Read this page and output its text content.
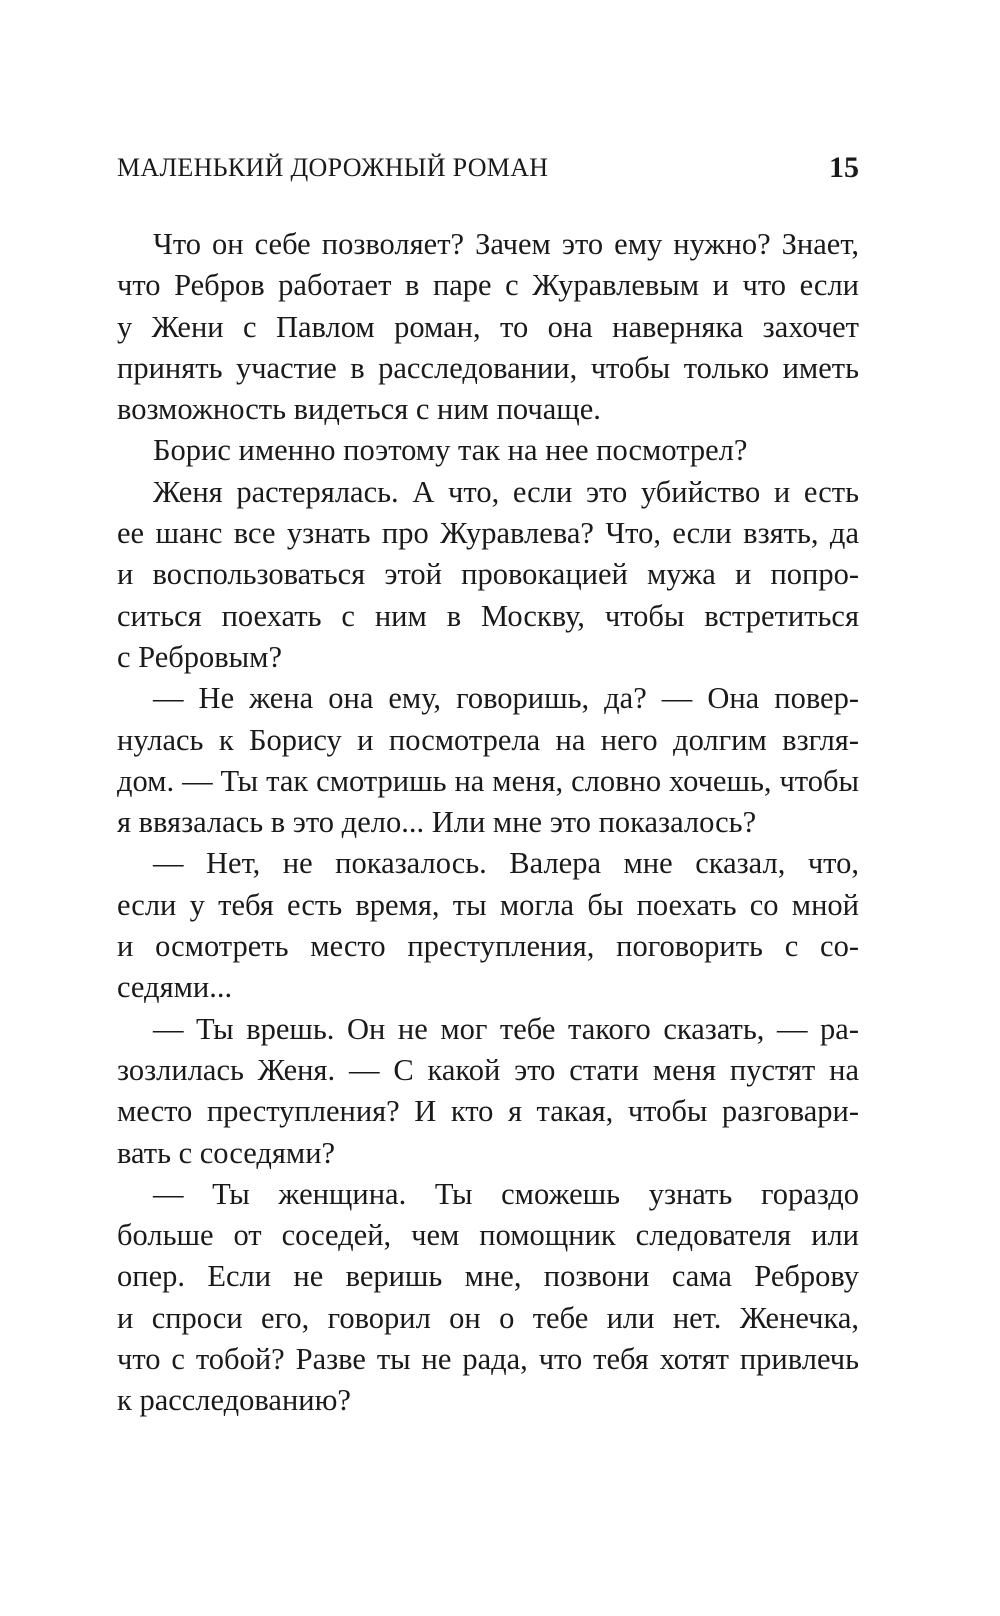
МАЛЕНЬКИЙ ДОРОЖНЫЙ РОМАН	15
Что он себе позволяет? Зачем это ему нужно? Знает,
что Ребров работает в паре с Журавлевым и что если
у Жени с Павлом роман, то она наверняка захочет
принять участие в расследовании, чтобы только иметь
возможность видеться с ним почаще.
Борис именно поэтому так на нее посмотрел?
Женя растерялась. А что, если это убийство и есть
ее шанс все узнать про Журавлева? Что, если взять, да
и воспользоваться этой провокацией мужа и попро-
ситься поехать с ним в Москву, чтобы встретиться
с Ребровым?
— Не жена она ему, говоришь, да? — Она повер-
нулась к Борису и посмотрела на него долгим взгля-
дом. — Ты так смотришь на меня, словно хочешь, чтобы
я ввязалась в это дело... Или мне это показалось?
— Нет, не показалось. Валера мне сказал, что,
если у тебя есть время, ты могла бы поехать со мной
и осмотреть место преступления, поговорить с со-
седями...
— Ты врешь. Он не мог тебе такого сказать, — ра-
зозлилась Женя. — С какой это стати меня пустят на
место преступления? И кто я такая, чтобы разговари-
вать с соседями?
— Ты женщина. Ты сможешь узнать гораздо
больше от соседей, чем помощник следователя или
опер. Если не веришь мне, позвони сама Реброву
и спроси его, говорил он о тебе или нет. Женечка,
что с тобой? Разве ты не рада, что тебя хотят привлечь
к расследованию?
